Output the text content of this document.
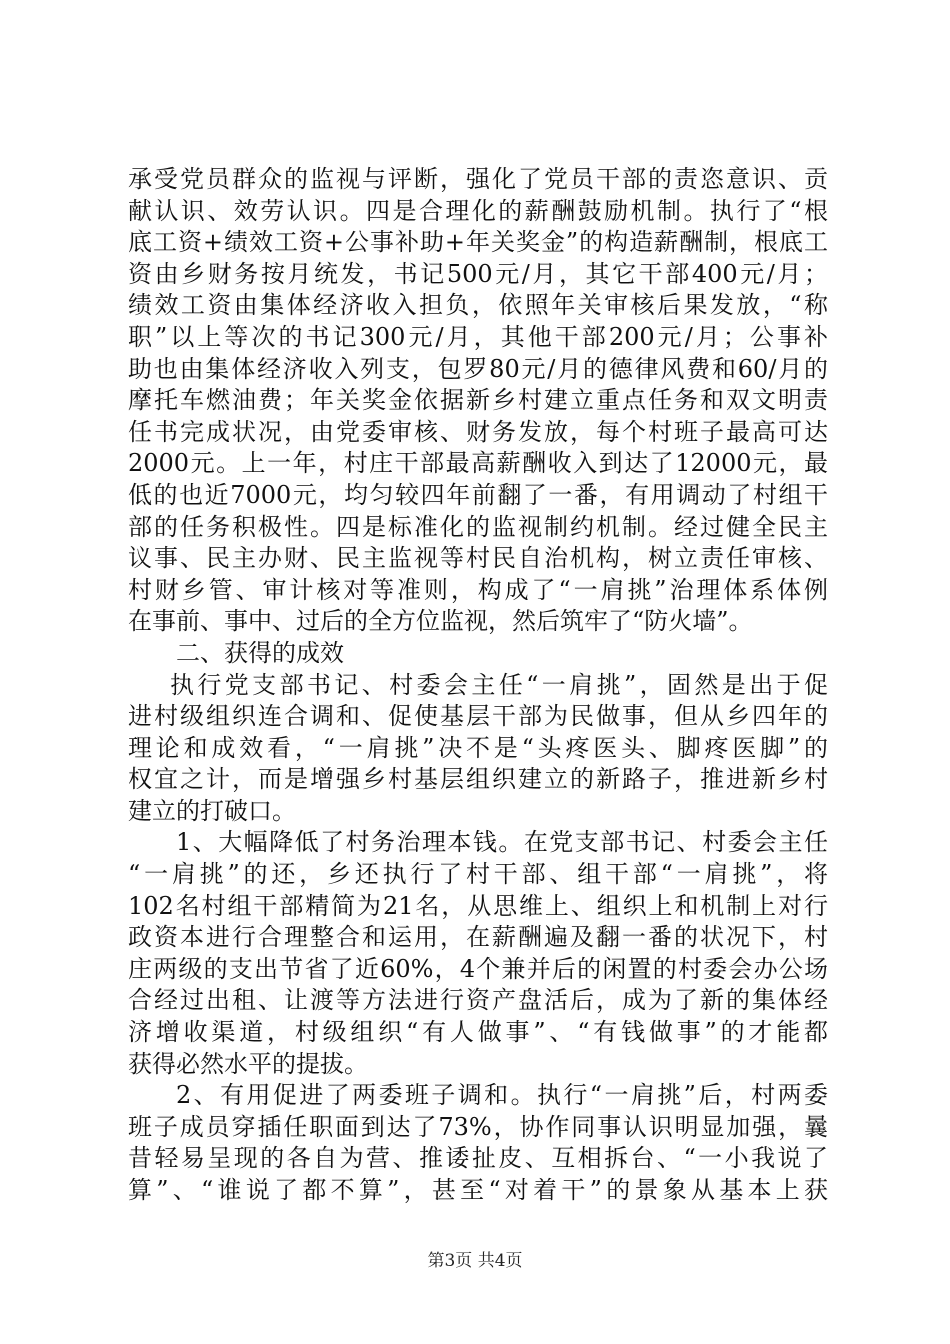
承受党员群众的监视与评断，强化了党员干部的责恣意识、贡

献认识、效劳认识。四是合理化的薪酬鼓励机制。执行了“根

底工资+绩效工资+公事补助+年关奖金”的构造薪酬制，根底工

资由乡财务按月统发，书记500元/月，其它干部400元/月；

绩效工资由集体经济收入担负，依照年关审核后果发放，“称

职”以上等次的书记300元/月，其他干部200元/月；公事补

助也由集体经济收入列支，包罗80元/月的德律风费和60/月的

摩托车燃油费；年关奖金依据新乡村建立重点任务和双文明责

任书完成状况，由党委审核、财务发放，每个村班子最高可达

2000元。上一年，村庄干部最高薪酬收入到达了12000元，最

低的也近7000元，均匀较四年前翻了一番，有用调动了村组干

部的任务积极性。四是标准化的监视制约机制。经过健全民主

议事、民主办财、民主监视等村民自治机构，树立责任审核、

村财乡管、审计核对等准则，构成了“一肩挑”治理体系体例

在事前、事中、过后的全方位监视，然后筑牢了“防火墙”。

二、获得的成效

执行党支部书记、村委会主任“一肩挑”，固然是出于促

进村级组织连合调和、促使基层干部为民做事，但从乡四年的

理论和成效看，“一肩挑”决不是“头疼医头、脚疼医脚”的

权宜之计，而是增强乡村基层组织建立的新路子，推进新乡村

建立的打破口。

1、大幅降低了村务治理本钱。在党支部书记、村委会主任

“一肩挑”的还，乡还执行了村干部、组干部“一肩挑”，将

102名村组干部精简为21名，从思维上、组织上和机制上对行

政资本进行合理整合和运用，在薪酬遍及翻一番的状况下，村

庄两级的支出节省了近60%，4个兼并后的闲置的村委会办公场

合经过出租、让渡等方法进行资产盘活后，成为了新的集体经

济增收渠道，村级组织“有人做事”、“有钱做事”的才能都

获得必然水平的提拔。

2、有用促进了两委班子调和。执行“一肩挑”后，村两委

班子成员穿插任职面到达了73%，协作同事认识明显加强，曩

昔轻易呈现的各自为营、推诿扯皮、互相拆台、“一小我说了

算”、“谁说了都不算”，甚至“对着干”的景象从基本上获

第3页 共4页
